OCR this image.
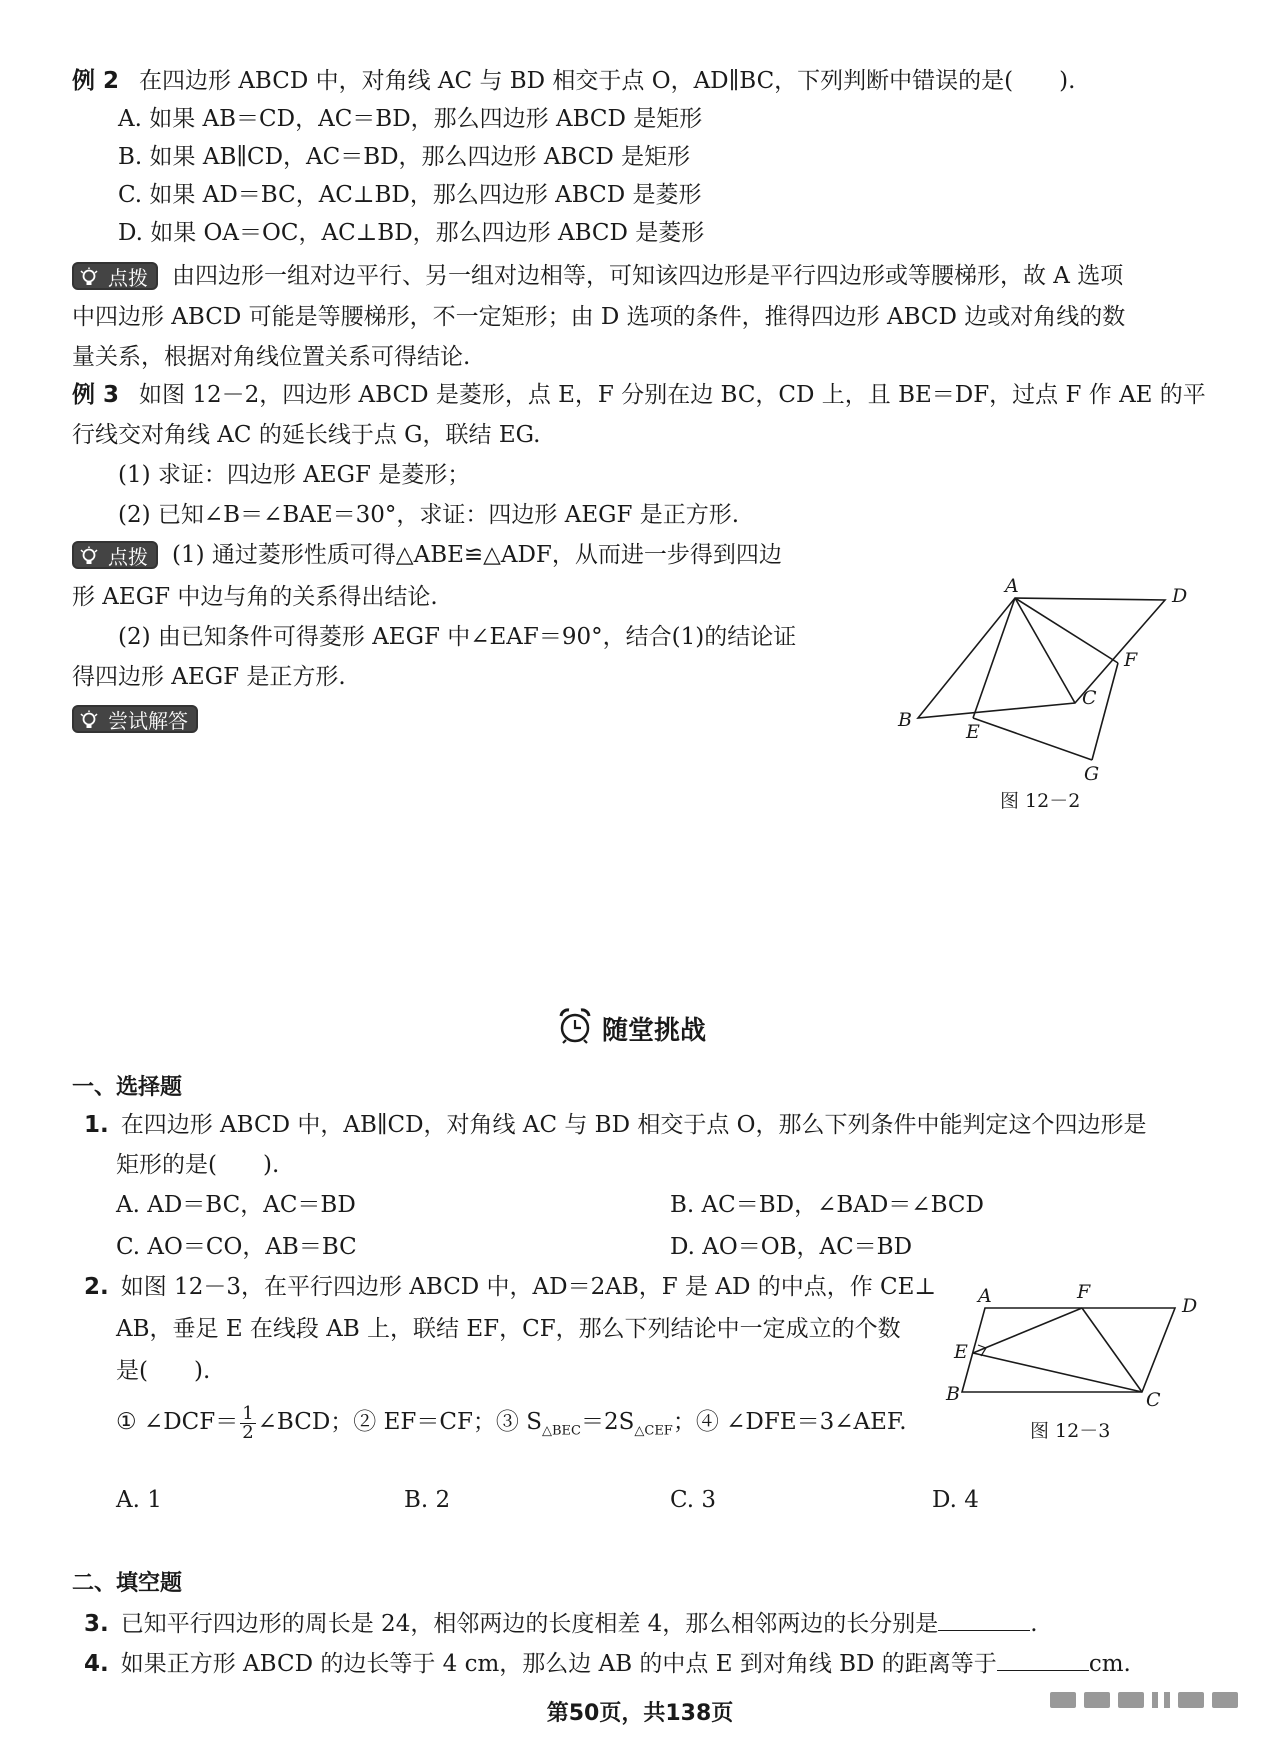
例 2 在四边形 ABCD 中，对角线 AC 与 BD 相交于点 O，AD∥BC，下列判断中错误的是(　　).
A. 如果 AB＝CD，AC＝BD，那么四边形 ABCD 是矩形
B. 如果 AB∥CD，AC＝BD，那么四边形 ABCD 是矩形
C. 如果 AD＝BC，AC⊥BD，那么四边形 ABCD 是菱形
D. 如果 OA＝OC，AC⊥BD，那么四边形 ABCD 是菱形
点拨	由四边形一组对边平行、另一组对边相等，可知该四边形是平行四边形或等腰梯形，故 A 选项
中四边形 ABCD 可能是等腰梯形，不一定矩形；由 D 选项的条件，推得四边形 ABCD 边或对角线的数
量关系，根据对角线位置关系可得结论.
例 3 如图 12－2，四边形 ABCD 是菱形，点 E，F 分别在边 BC，CD 上，且 BE＝DF，过点 F 作 AE 的平
行线交对角线 AC 的延长线于点 G，联结 EG.
(1) 求证：四边形 AEGF 是菱形；
(2) 已知∠B＝∠BAE＝30°，求证：四边形 AEGF 是正方形.
点拨	(1) 通过菱形性质可得△ABE≌△ADF，从而进一步得到四边
形 AEGF 中边与角的关系得出结论.
(2) 由已知条件可得菱形 AEGF 中∠EAF＝90°，结合(1)的结论证
得四边形 AEGF 是正方形.
尝试解答
A	D
F
C
B
E
G
图 12－2
随堂挑战
一、选择题
1. 在四边形 ABCD 中，AB∥CD，对角线 AC 与 BD 相交于点 O，那么下列条件中能判定这个四边形是
矩形的是(　　).
A. AD＝BC，AC＝BD	B. AC＝BD，∠BAD＝∠BCD
C. AO＝CO，AB＝BC	D. AO＝OB，AC＝BD
2. 如图 12－3，在平行四边形 ABCD 中，AD＝2AB，F 是 AD 的中点，作 CE⊥
AB，垂足 E 在线段 AB 上，联结 EF，CF，那么下列结论中一定成立的个数
是(　　).
① ∠DCF＝ $\frac{1}{2}$ ∠BCD；② EF＝CF；③ $S_{\triangle BEC}=2S_{\triangle CEF}$；④ ∠DFE＝3∠AEF.
A. 1	B. 2	C. 3	D. 4
A	F
D
E
B	C
图 12－3
二、填空题
3. 已知平行四边形的周长是 24，相邻两边的长度相差 4，那么相邻两边的长分别是	.
4. 如果正方形 ABCD 的边长等于 4 cm，那么边 AB 的中点 E 到对角线 BD 的距离等于	cm.
第50页，共138页
